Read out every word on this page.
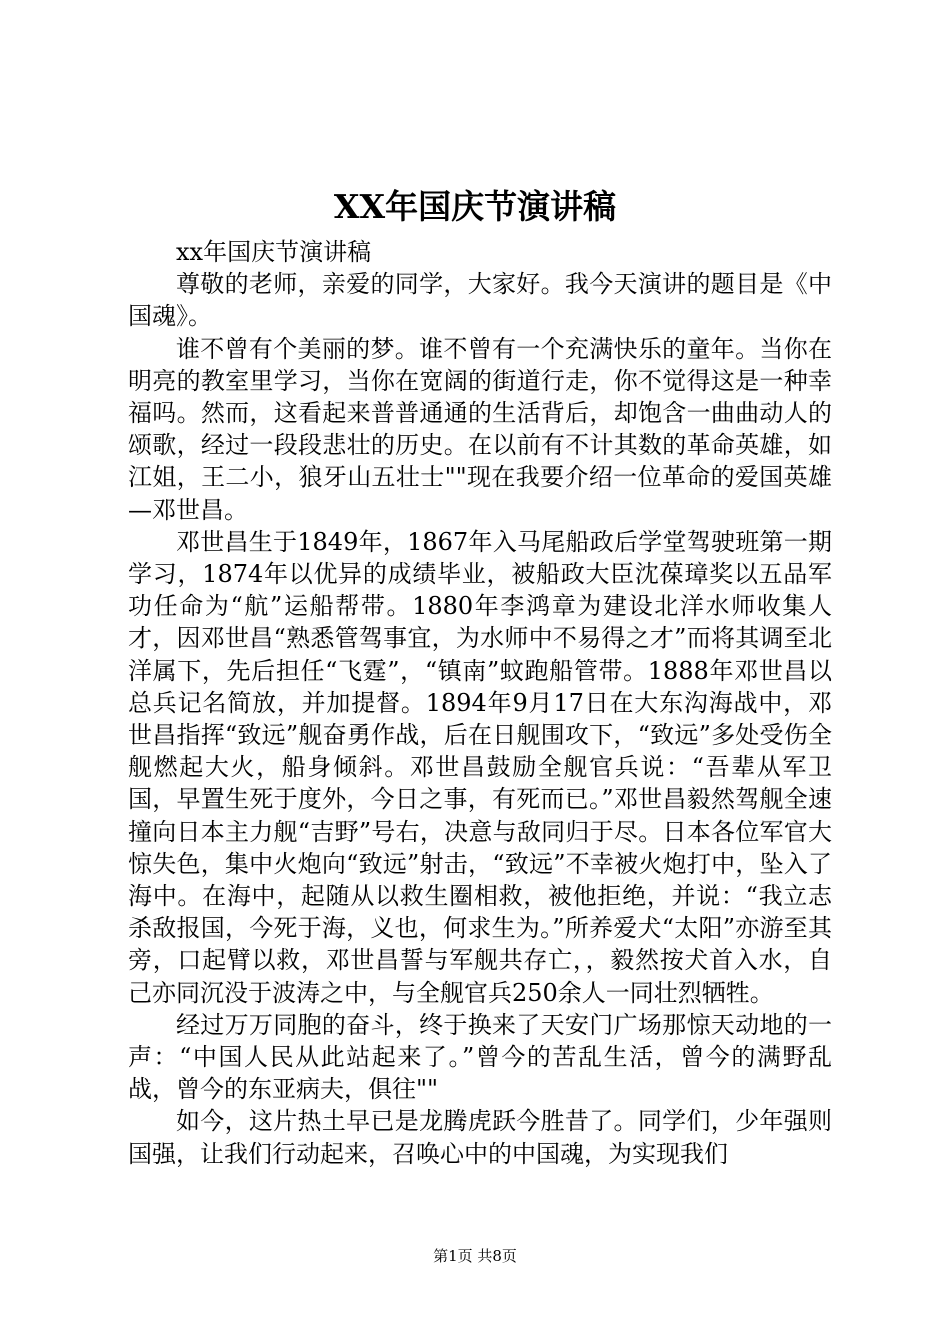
XX年国庆节演讲稿

xx年国庆节演讲稿

尊敬的老师，亲爱的同学，大家好。我今天演讲的题目是《中国魂》。

谁不曾有个美丽的梦。谁不曾有一个充满快乐的童年。当你在明亮的教室里学习，当你在宽阔的街道行走，你不觉得这是一种幸福吗。然而，这看起来普普通通的生活背后，却饱含一曲曲动人的颂歌，经过一段段悲壮的历史。在以前有不计其数的革命英雄，如江姐，王二小，狼牙山五壮士""现在我要介绍一位革命的爱国英雄—邓世昌。

邓世昌生于1849年，1867年入马尾船政后学堂驾驶班第一期学习，1874年以优异的成绩毕业，被船政大臣沈葆璋奖以五品军功任命为“航”运船帮带。1880年李鸿章为建设北洋水师收集人才，因邓世昌“熟悉管驾事宜，为水师中不易得之才”而将其调至北洋属下，先后担任“飞霆”，“镇南”蚊跑船管带。1888年邓世昌以总兵记名简放，并加提督。1894年9月17日在大东沟海战中，邓世昌指挥“致远”舰奋勇作战，后在日舰围攻下，“致远”多处受伤全舰燃起大火，船身倾斜。邓世昌鼓励全舰官兵说：“吾辈从军卫国，早置生死于度外，今日之事，有死而已。”邓世昌毅然驾舰全速撞向日本主力舰“吉野”号右，决意与敌同归于尽。日本各位军官大惊失色，集中火炮向“致远”射击，“致远”不幸被火炮打中，坠入了海中。在海中，起随从以救生圈相救，被他拒绝，并说：“我立志杀敌报国，今死于海，义也，何求生为。”所养爱犬“太阳”亦游至其旁，口起臂以救，邓世昌誓与军舰共存亡，，毅然按犬首入水，自己亦同沉没于波涛之中，与全舰官兵250余人一同壮烈牺牲。

经过万万同胞的奋斗，终于换来了天安门广场那惊天动地的一声：“中国人民从此站起来了。”曾今的苦乱生活，曾今的满野乱战，曾今的东亚病夫，俱往""

如今，这片热土早已是龙腾虎跃今胜昔了。同学们，少年强则国强，让我们行动起来，召唤心中的中国魂，为实现我们

第1页 共8页
